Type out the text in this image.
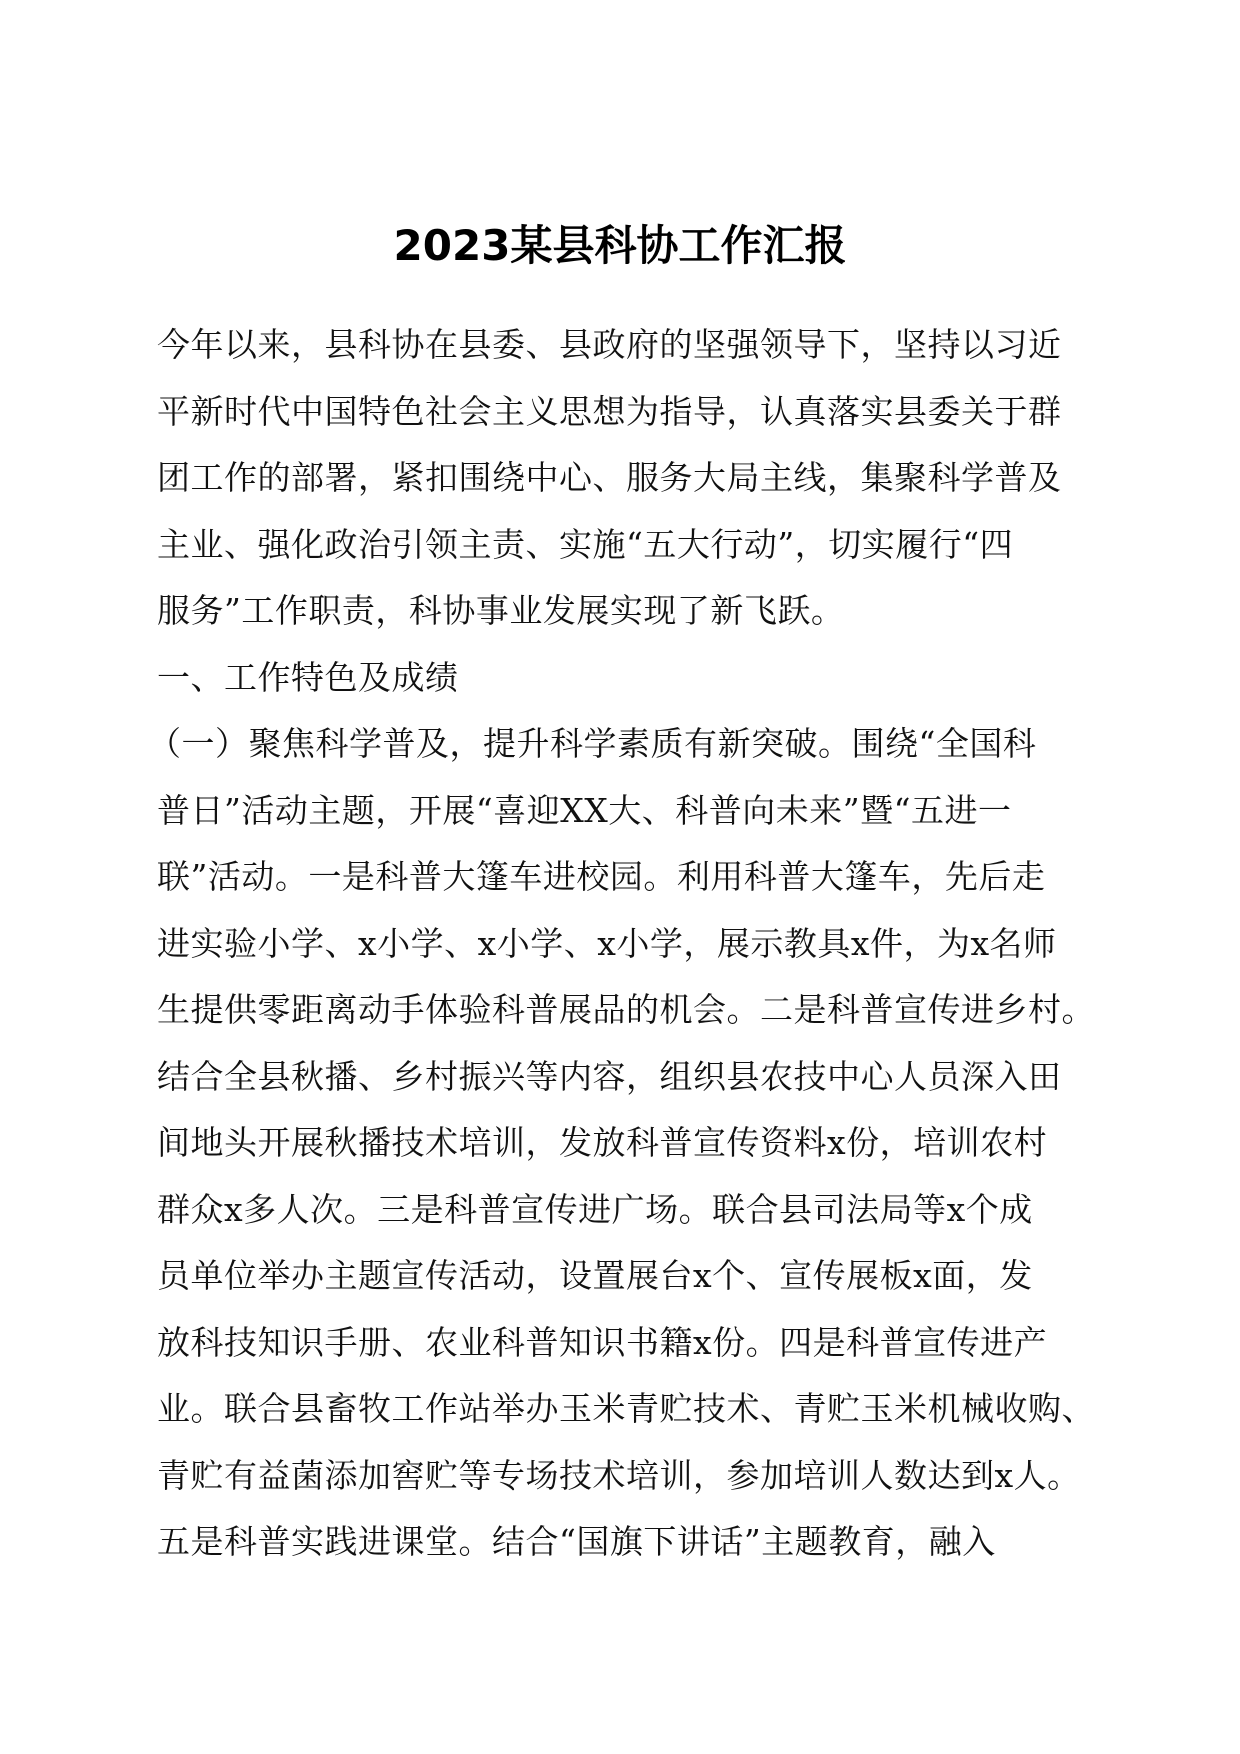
2023某县科协工作汇报

今年以来，县科协在县委、县政府的坚强领导下，坚持以习近

平新时代中国特色社会主义思想为指导，认真落实县委关于群

团工作的部署，紧扣围绕中心、服务大局主线，集聚科学普及

主业、强化政治引领主责、实施“五大行动”，切实履行“四

服务”工作职责，科协事业发展实现了新飞跃。

一、工作特色及成绩

（一）聚焦科学普及，提升科学素质有新突破。围绕“全国科

普日”活动主题，开展“喜迎XX大、科普向未来”暨“五进一

联”活动。一是科普大篷车进校园。利用科普大篷车，先后走

进实验小学、x小学、x小学、x小学，展示教具x件，为x名师

生提供零距离动手体验科普展品的机会。二是科普宣传进乡村。

结合全县秋播、乡村振兴等内容，组织县农技中心人员深入田

间地头开展秋播技术培训，发放科普宣传资料x份，培训农村

群众x多人次。三是科普宣传进广场。联合县司法局等x个成

员单位举办主题宣传活动，设置展台x个、宣传展板x面，发

放科技知识手册、农业科普知识书籍x份。四是科普宣传进产

业。联合县畜牧工作站举办玉米青贮技术、青贮玉米机械收购、

青贮有益菌添加窖贮等专场技术培训，参加培训人数达到x人。

五是科普实践进课堂。结合“国旗下讲话”主题教育，融入
